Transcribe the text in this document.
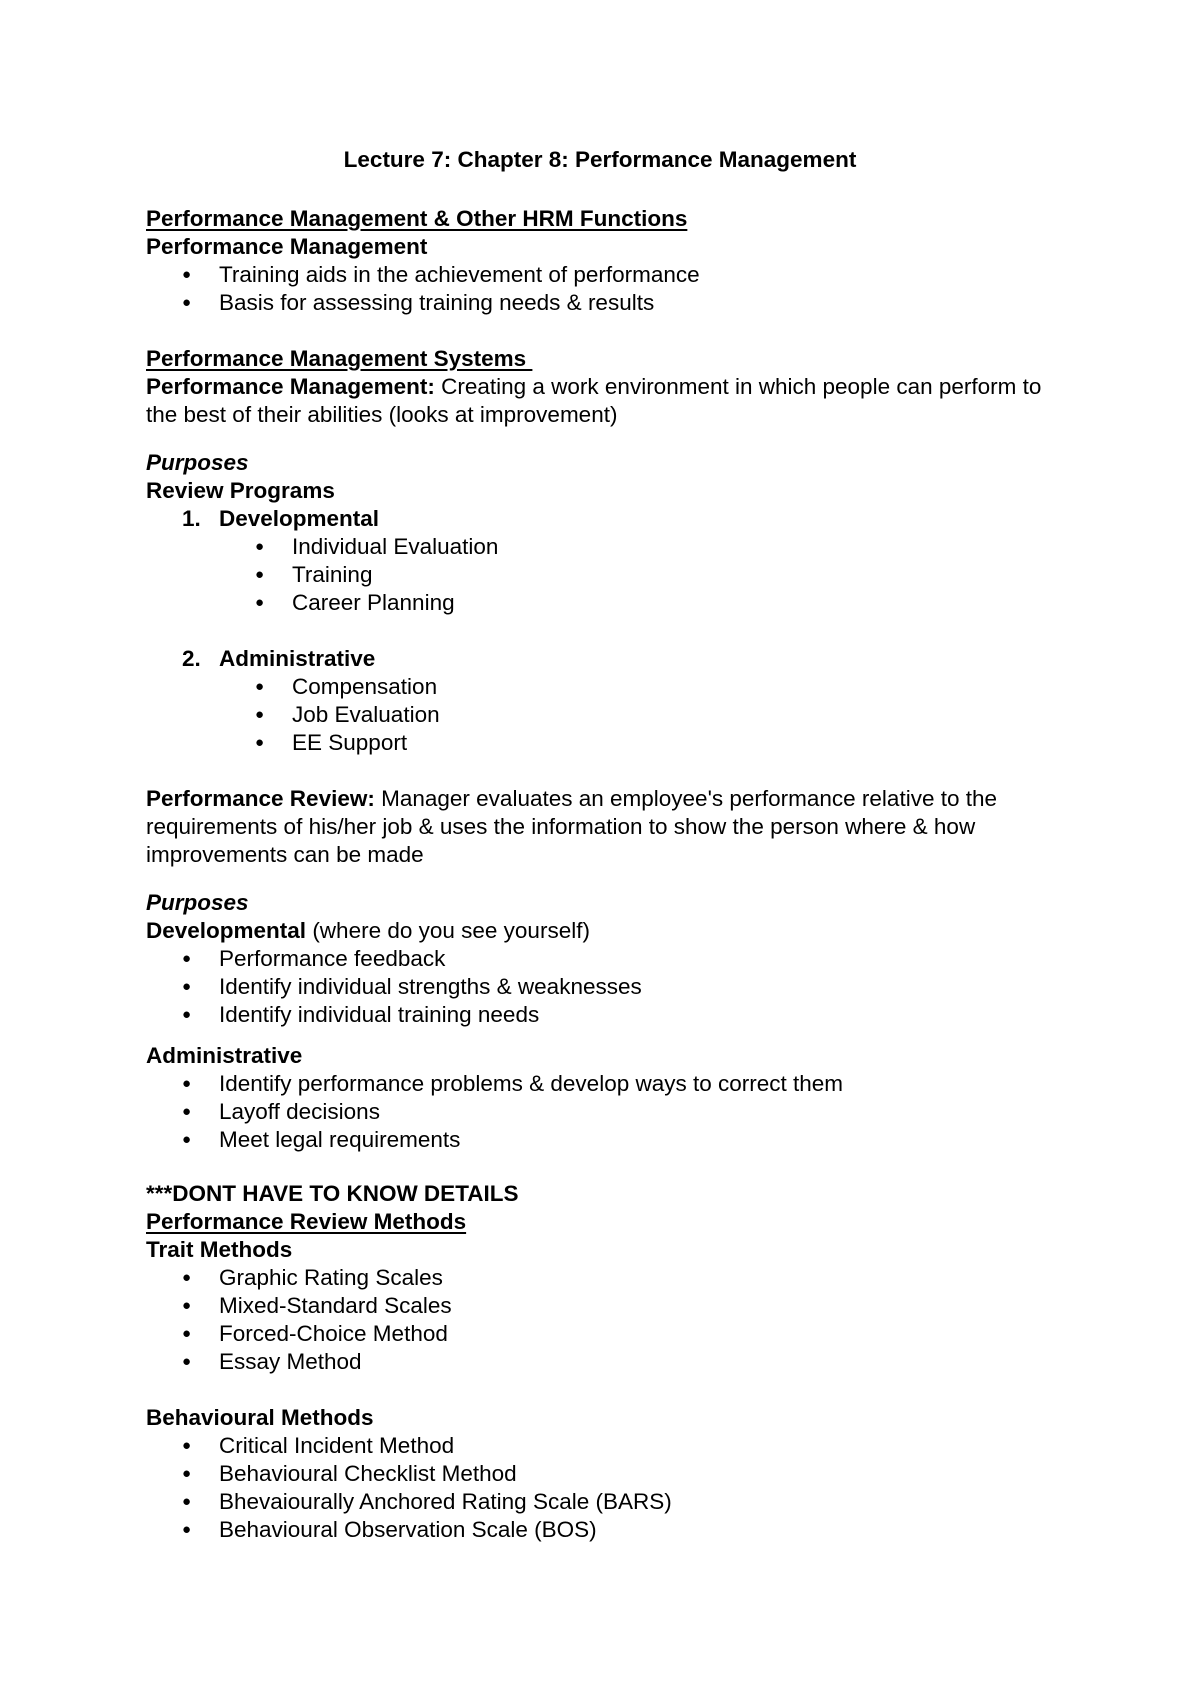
Lecture 7: Chapter 8: Performance Management
Performance Management & Other HRM Functions
Performance Management
● Training aids in the achievement of performance
● Basis for assessing training needs & results
Performance Management Systems
Performance Management: Creating a work environment in which people can perform to the best of their abilities (looks at improvement)
Purposes
Review Programs
1. Developmental
● Individual Evaluation
● Training
● Career Planning
2. Administrative
● Compensation
● Job Evaluation
● EE Support
Performance Review: Manager evaluates an employee's performance relative to the requirements of his/her job & uses the information to show the person where & how improvements can be made
Purposes
Developmental (where do you see yourself)
● Performance feedback
● Identify individual strengths & weaknesses
● Identify individual training needs
Administrative
● Identify performance problems & develop ways to correct them
● Layoff decisions
● Meet legal requirements
***DONT HAVE TO KNOW DETAILS
Performance Review Methods
Trait Methods
● Graphic Rating Scales
● Mixed-Standard Scales
● Forced-Choice Method
● Essay Method
Behavioural Methods
● Critical Incident Method
● Behavioural Checklist Method
● Bhevaiourally Anchored Rating Scale (BARS)
● Behavioural Observation Scale (BOS)
